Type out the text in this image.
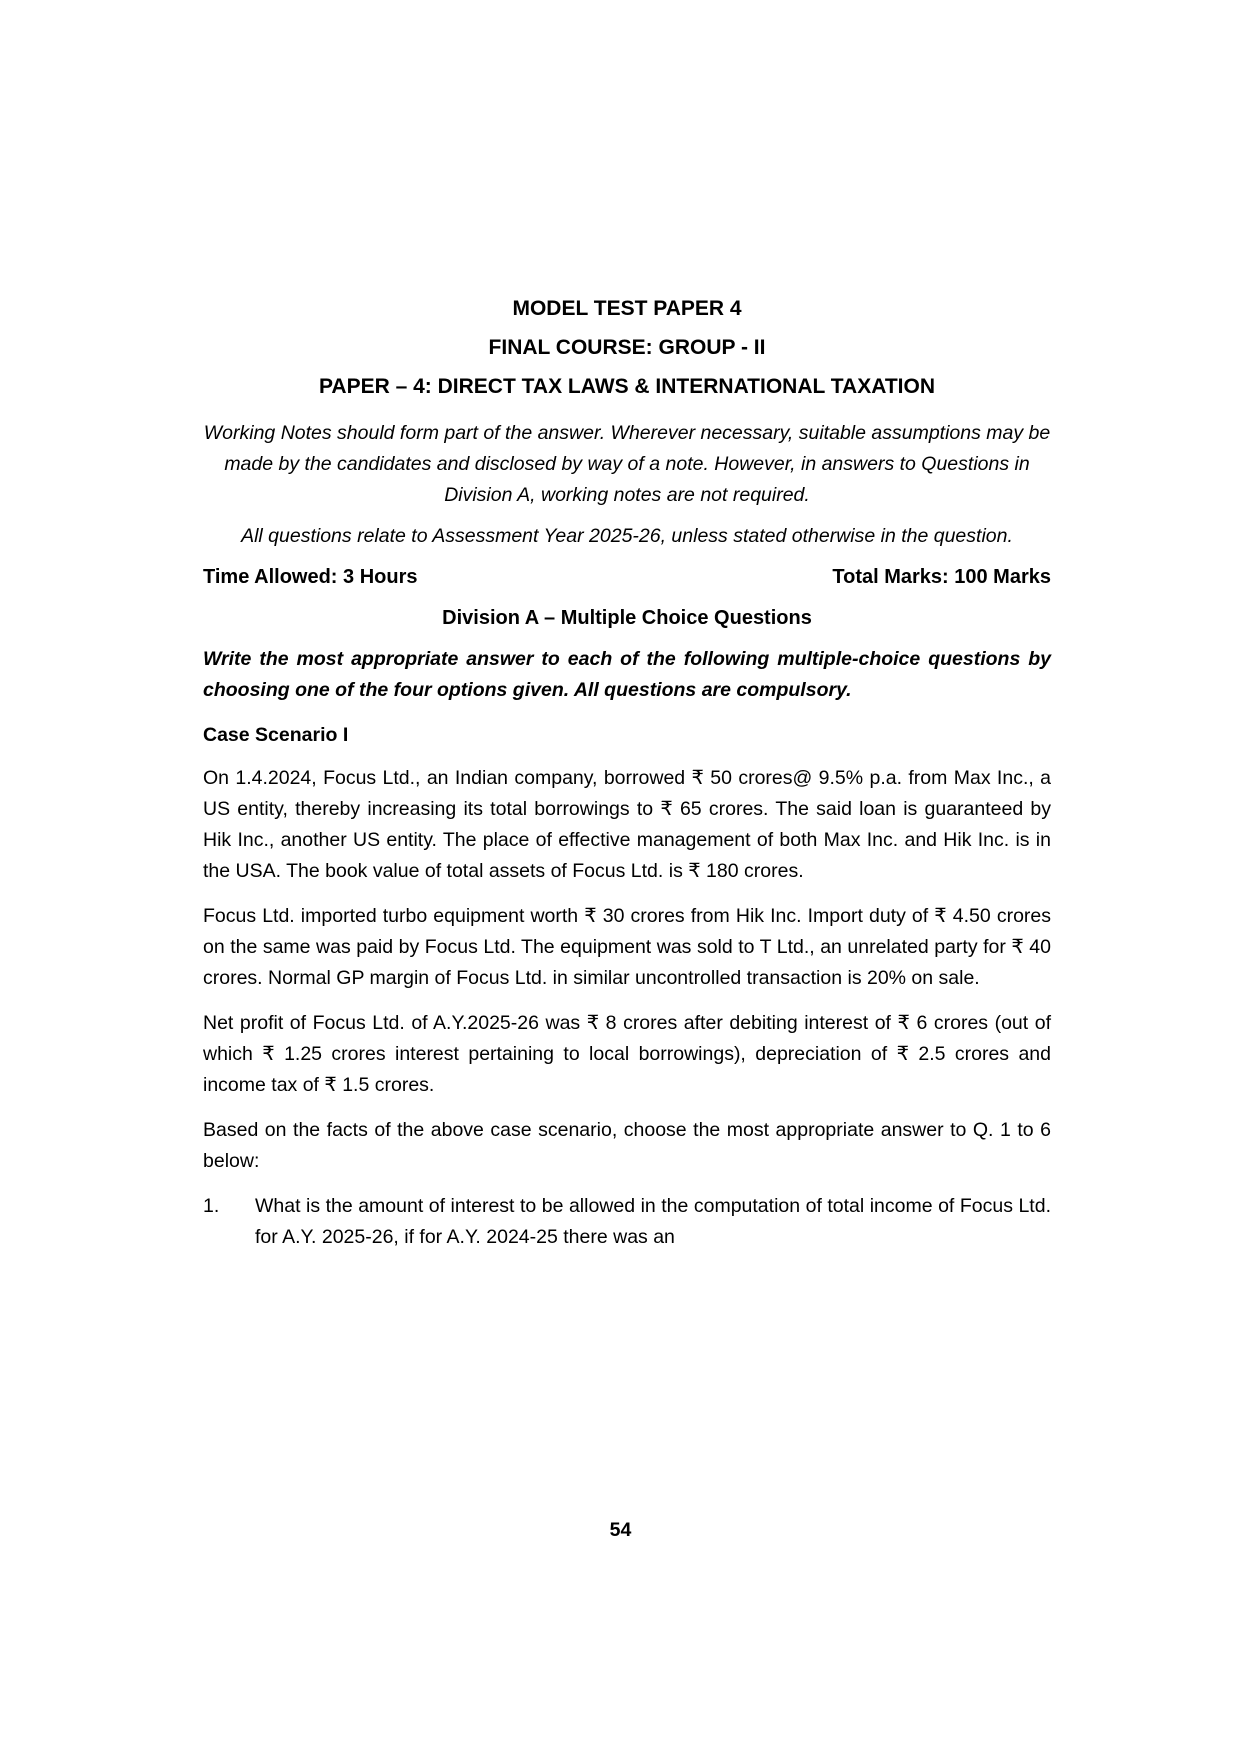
MODEL TEST PAPER 4
FINAL COURSE: GROUP - II
PAPER – 4: DIRECT TAX LAWS & INTERNATIONAL TAXATION

Working Notes should form part of the answer. Wherever necessary, suitable assumptions may be made by the candidates and disclosed by way of a note. However, in answers to Questions in Division A, working notes are not required.

All questions relate to Assessment Year 2025-26, unless stated otherwise in the question.

Time Allowed: 3 Hours	Total Marks: 100 Marks
Division A – Multiple Choice Questions

Write the most appropriate answer to each of the following multiple-choice questions by choosing one of the four options given. All questions are compulsory.

Case Scenario I

On 1.4.2024, Focus Ltd., an Indian company, borrowed ₹ 50 crores@ 9.5% p.a. from Max Inc., a US entity, thereby increasing its total borrowings to ₹ 65 crores. The said loan is guaranteed by Hik Inc., another US entity. The place of effective management of both Max Inc. and Hik Inc. is in the USA. The book value of total assets of Focus Ltd. is ₹ 180 crores.

Focus Ltd. imported turbo equipment worth ₹ 30 crores from Hik Inc. Import duty of ₹ 4.50 crores on the same was paid by Focus Ltd. The equipment was sold to T Ltd., an unrelated party for ₹ 40 crores. Normal GP margin of Focus Ltd. in similar uncontrolled transaction is 20% on sale.

Net profit of Focus Ltd. of A.Y.2025-26 was ₹ 8 crores after debiting interest of ₹ 6 crores (out of which ₹ 1.25 crores interest pertaining to local borrowings), depreciation of ₹ 2.5 crores and income tax of ₹ 1.5 crores.

Based on the facts of the above case scenario, choose the most appropriate answer to Q. 1 to 6 below:

1.	What is the amount of interest to be allowed in the computation of total income of Focus Ltd. for A.Y. 2025-26, if for A.Y. 2024-25 there was an
54
